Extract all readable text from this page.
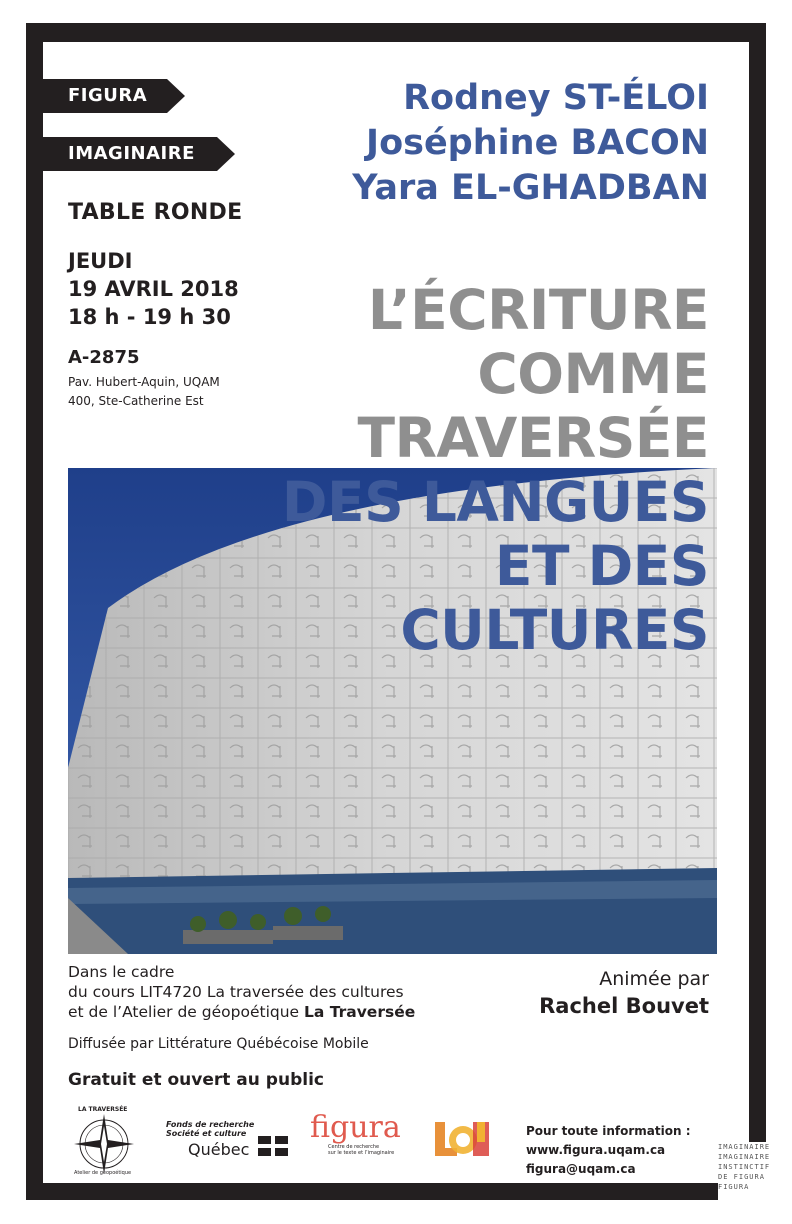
FIGURA
IMAGINAIRE
TABLE RONDE
JEUDI
19 AVRIL 2018
18 h - 19 h 30
A-2875
Pav. Hubert-Aquin, UQAM
400, Ste-Catherine Est
Rodney ST-ÉLOI
Joséphine BACON
Yara EL-GHADBAN
L’ÉCRITURE
COMME
TRAVERSÉE
DES LANGUES
ET DES
CULTURES
Dans le cadre
du cours LIT4720 La traversée des cultures
et de l’Atelier de géopoétique La Traversée
Diffusée par Littérature Québécoise Mobile
Gratuit et ouvert au public
Animée par
Rachel Bouvet
LA TRAVERSÉE
Atelier de géopoétique
Fonds de recherche
Société et culture
Québec
figura
Centre de recherche
sur le texte et l’imaginaire
Pour toute information :
www.figura.uqam.ca
figura@uqam.ca
IMAGINAIRE
IMAGINAIRE
INSTINCTIF
DE FIGURA
FIGURA
